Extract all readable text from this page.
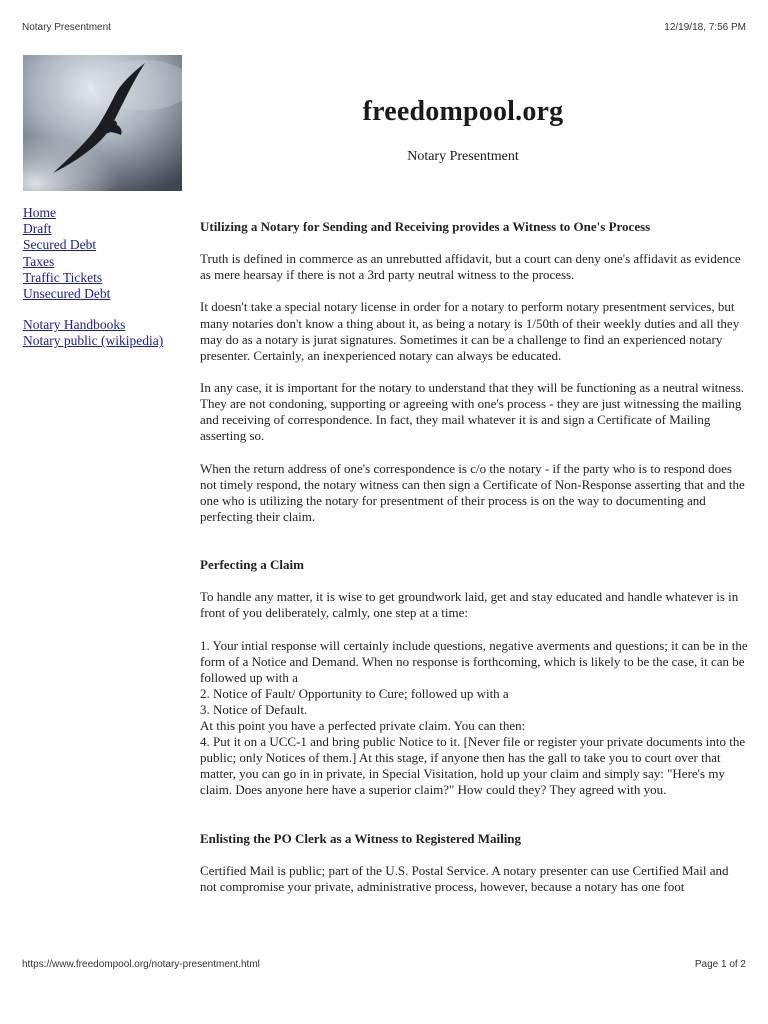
Notary Presentment	12/19/18, 7:56 PM
freedompool.org
Notary Presentment
Home
Draft
Secured Debt
Taxes
Traffic Tickets
Unsecured Debt
Notary Handbooks
Notary public (wikipedia)
Utilizing a Notary for Sending and Receiving provides a Witness to One's Process

Truth is defined in commerce as an unrebutted affidavit, but a court can deny one's affidavit as evidence as mere hearsay if there is not a 3rd party neutral witness to the process.

It doesn't take a special notary license in order for a notary to perform notary presentment services, but many notaries don't know a thing about it, as being a notary is 1/50th of their weekly duties and all they may do as a notary is jurat signatures. Sometimes it can be a challenge to find an experienced notary presenter. Certainly, an inexperienced notary can always be educated.

In any case, it is important for the notary to understand that they will be functioning as a neutral witness. They are not condoning, supporting or agreeing with one's process - they are just witnessing the mailing and receiving of correspondence. In fact, they mail whatever it is and sign a Certificate of Mailing asserting so.

When the return address of one's correspondence is c/o the notary - if the party who is to respond does not timely respond, the notary witness can then sign a Certificate of Non-Response asserting that and the one who is utilizing the notary for presentment of their process is on the way to documenting and perfecting their claim.

Perfecting a Claim

To handle any matter, it is wise to get groundwork laid, get and stay educated and handle whatever is in front of you deliberately, calmly, one step at a time:

1. Your intial response will certainly include questions, negative averments and questions; it can be in the form of a Notice and Demand. When no response is forthcoming, which is likely to be the case, it can be followed up with a
2. Notice of Fault/ Opportunity to Cure; followed up with a
3. Notice of Default.
At this point you have a perfected private claim. You can then:
4. Put it on a UCC-1 and bring public Notice to it. [Never file or register your private documents into the public; only Notices of them.] At this stage, if anyone then has the gall to take you to court over that matter, you can go in in private, in Special Visitation, hold up your claim and simply say: "Here's my claim. Does anyone here have a superior claim?" How could they? They agreed with you.
Enlisting the PO Clerk as a Witness to Registered Mailing

Certified Mail is public; part of the U.S. Postal Service. A notary presenter can use Certified Mail and not compromise your private, administrative process, however, because a notary has one foot

https://www.freedompool.org/notary-presentment.html	Page 1 of 2
